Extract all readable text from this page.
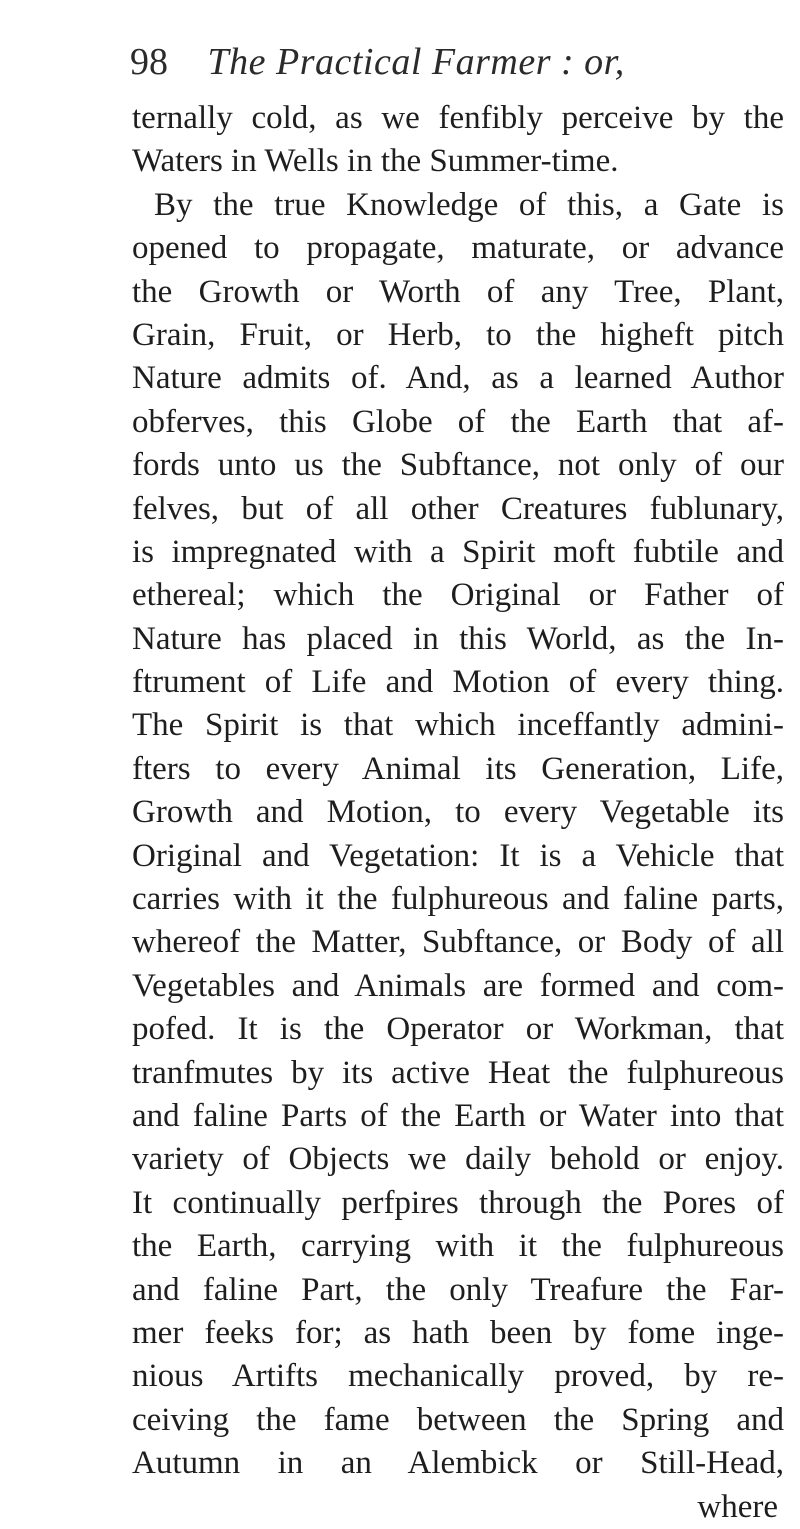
98 The Practical Farmer : or,
ternally cold, as we fenfibly perceive by the
Waters in Wells in the Summer-time.
By the true Knowledge of this, a Gate is
opened to propagate, maturate, or advance
the Growth or Worth of any Tree, Plant,
Grain, Fruit, or Herb, to the higheft pitch
Nature admits of. And, as a learned Author
obferves, this Globe of the Earth that af-
fords unto us the Subftance, not only of our
felves, but of all other Creatures fublunary,
is impregnated with a Spirit moft fubtile and
ethereal; which the Original or Father of
Nature has placed in this World, as the In-
ftrument of Life and Motion of every thing.
The Spirit is that which inceffantly admini-
fters to every Animal its Generation, Life,
Growth and Motion, to every Vegetable its
Original and Vegetation: It is a Vehicle that
carries with it the fulphureous and faline parts,
whereof the Matter, Subftance, or Body of all
Vegetables and Animals are formed and com-
pofed. It is the Operator or Workman, that
tranfmutes by its active Heat the fulphureous
and faline Parts of the Earth or Water into that
variety of Objects we daily behold or enjoy.
It continually perfpires through the Pores of
the Earth, carrying with it the fulphureous
and faline Part, the only Treafure the Far-
mer feeks for; as hath been by fome inge-
nious Artifts mechanically proved, by re-
ceiving the fame between the Spring and
Autumn in an Alembick or Still-Head,
where
